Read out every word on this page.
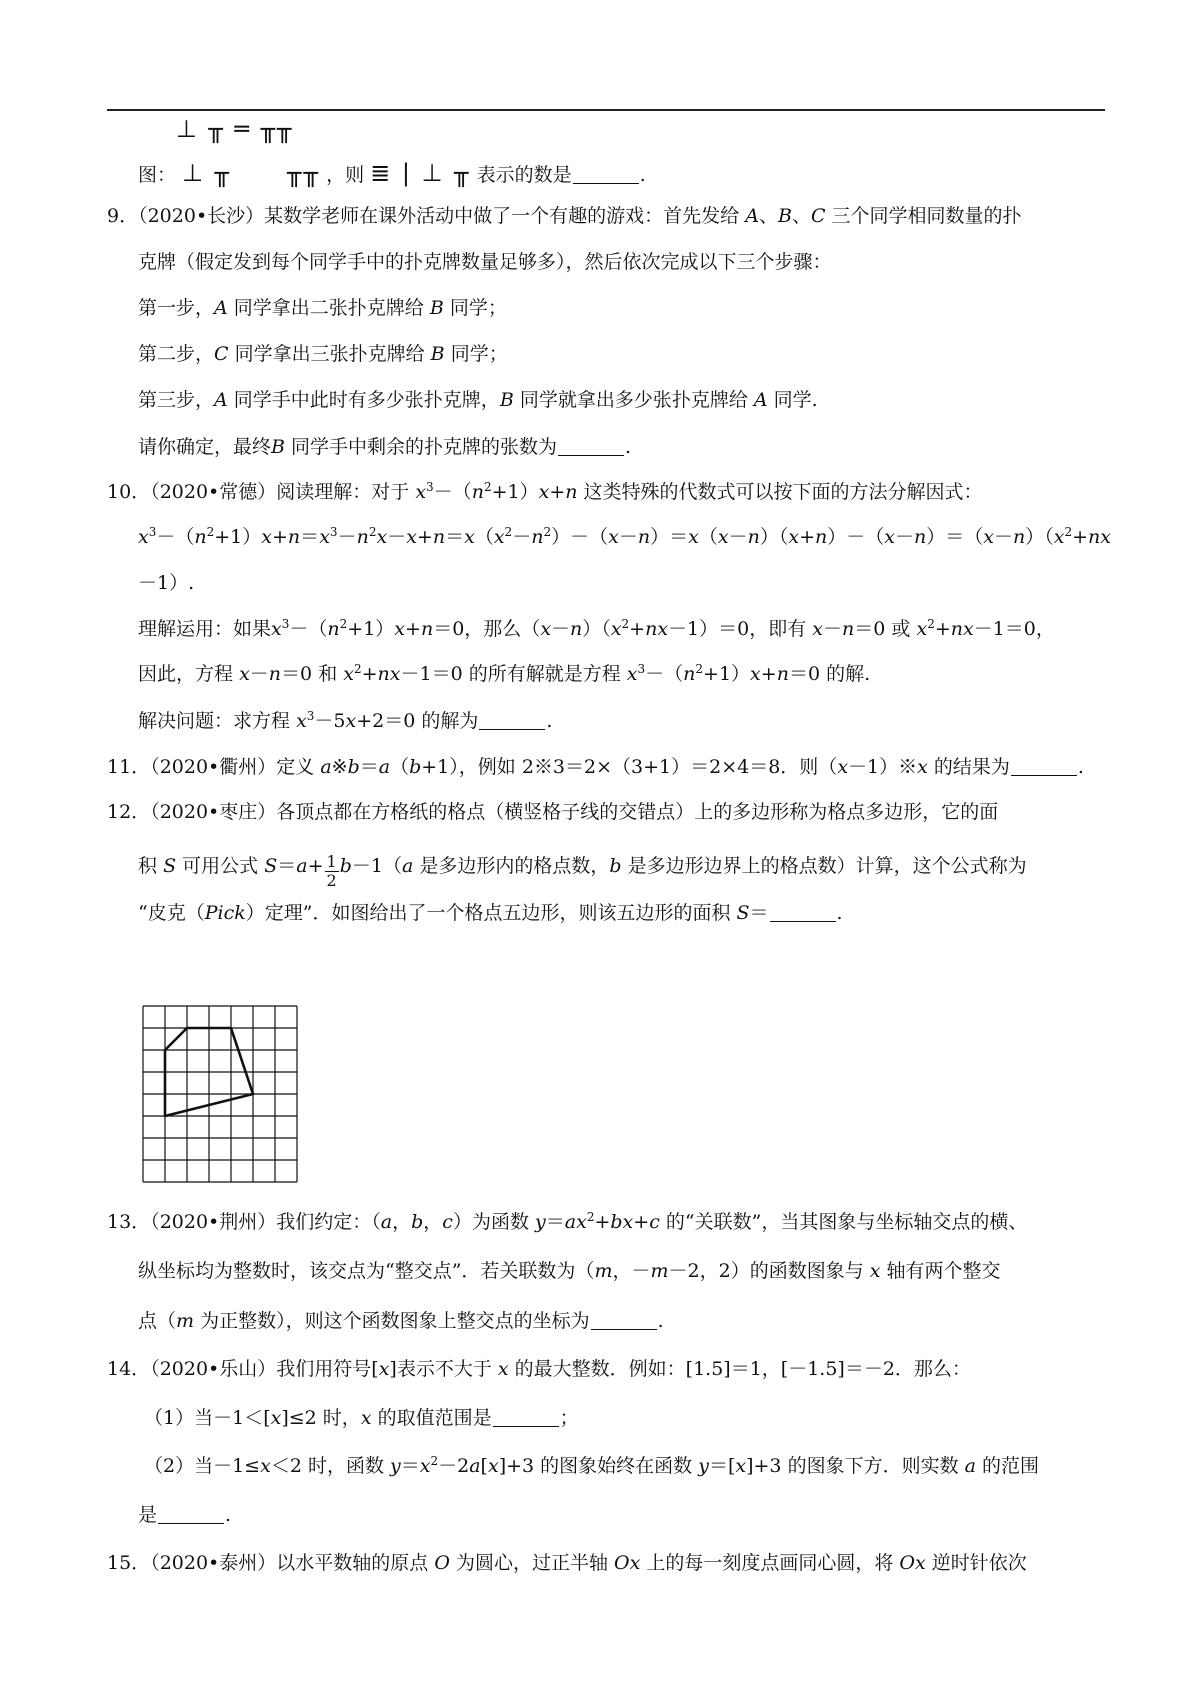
⊥ ╥ ═ ╥╥
图： ⊥ ╥ ╥╥ ，则 ≣ | ⊥ ╥ 表示的数是	.
9．（2020•长沙）某数学老师在课外活动中做了一个有趣的游戏：首先发给 A、B、C 三个同学相同数量的扑
克牌（假定发到每个同学手中的扑克牌数量足够多），然后依次完成以下三个步骤：
第一步，A 同学拿出二张扑克牌给 B 同学；
第二步，C 同学拿出三张扑克牌给 B 同学；
第三步，A 同学手中此时有多少张扑克牌，B 同学就拿出多少张扑克牌给 A 同学.
请你确定，最终B 同学手中剩余的扑克牌的张数为	.
10．（2020•常德）阅读理解：对于 $x^3-(n^2+1)x+n$ 这类特殊的代数式可以按下面的方法分解因式：
$x^3-(n^2+1)x+n=x^3-n^2x-x+n=x(x^2-n^2)-(x-n)=x(x-n)(x+n)-(x-n)=(x-n)(x^2+nx$
－1）.
理解运用：如果$x^3-(n^2+1)x+n=0$，那么$(x-n)(x^2+nx-1)=0$，即有 x－n＝0 或 $x^2+nx-1=0$，
因此，方程 x－n＝0 和 $x^2+nx-1=0$ 的所有解就是方程 $x^3-(n^2+1)x+n=0$ 的解.
解决问题：求方程 $x^3-5x+2=0$ 的解为	.
11．（2020•衢州）定义 a※b＝a（b+1），例如 2※3＝2×（3+1）＝2×4＝8．则（x－1）※x 的结果为	.
12．（2020•枣庄）各顶点都在方格纸的格点（横竖格子线的交错点）上的多边形称为格点多边形，它的面
积 S 可用公式 $S=a+ \frac{1}{2} b-1(a$ 是多边形内的格点数，b 是多边形边界上的格点数）计算，这个公式称为
“皮克（Pick）定理”．如图给出了一个格点五边形，则该五边形的面积 S＝	.
13．（2020•荆州）我们约定：（a，b，c）为函数 $y=ax^2+bx+c$ 的“关联数”，当其图象与坐标轴交点的横、
纵坐标均为整数时，该交点为“整交点”．若关联数为（m，－m－2，2）的函数图象与 x 轴有两个整交
点（m 为正整数），则这个函数图象上整交点的坐标为	.
14．（2020•乐山）我们用符号[x]表示不大于 x 的最大整数．例如：[1.5]＝1，[－1.5]＝－2．那么：
（1）当－1＜[x]≤2 时，x 的取值范围是	；
（2）当－1≤x＜2 时，函数 $y=x^2-2a[x]+3$ 的图象始终在函数 y＝[x]+3 的图象下方．则实数 a 的范围
是	.
15．（2020•泰州）以水平数轴的原点 O 为圆心，过正半轴 Ox 上的每一刻度点画同心圆，将 Ox 逆时针依次
